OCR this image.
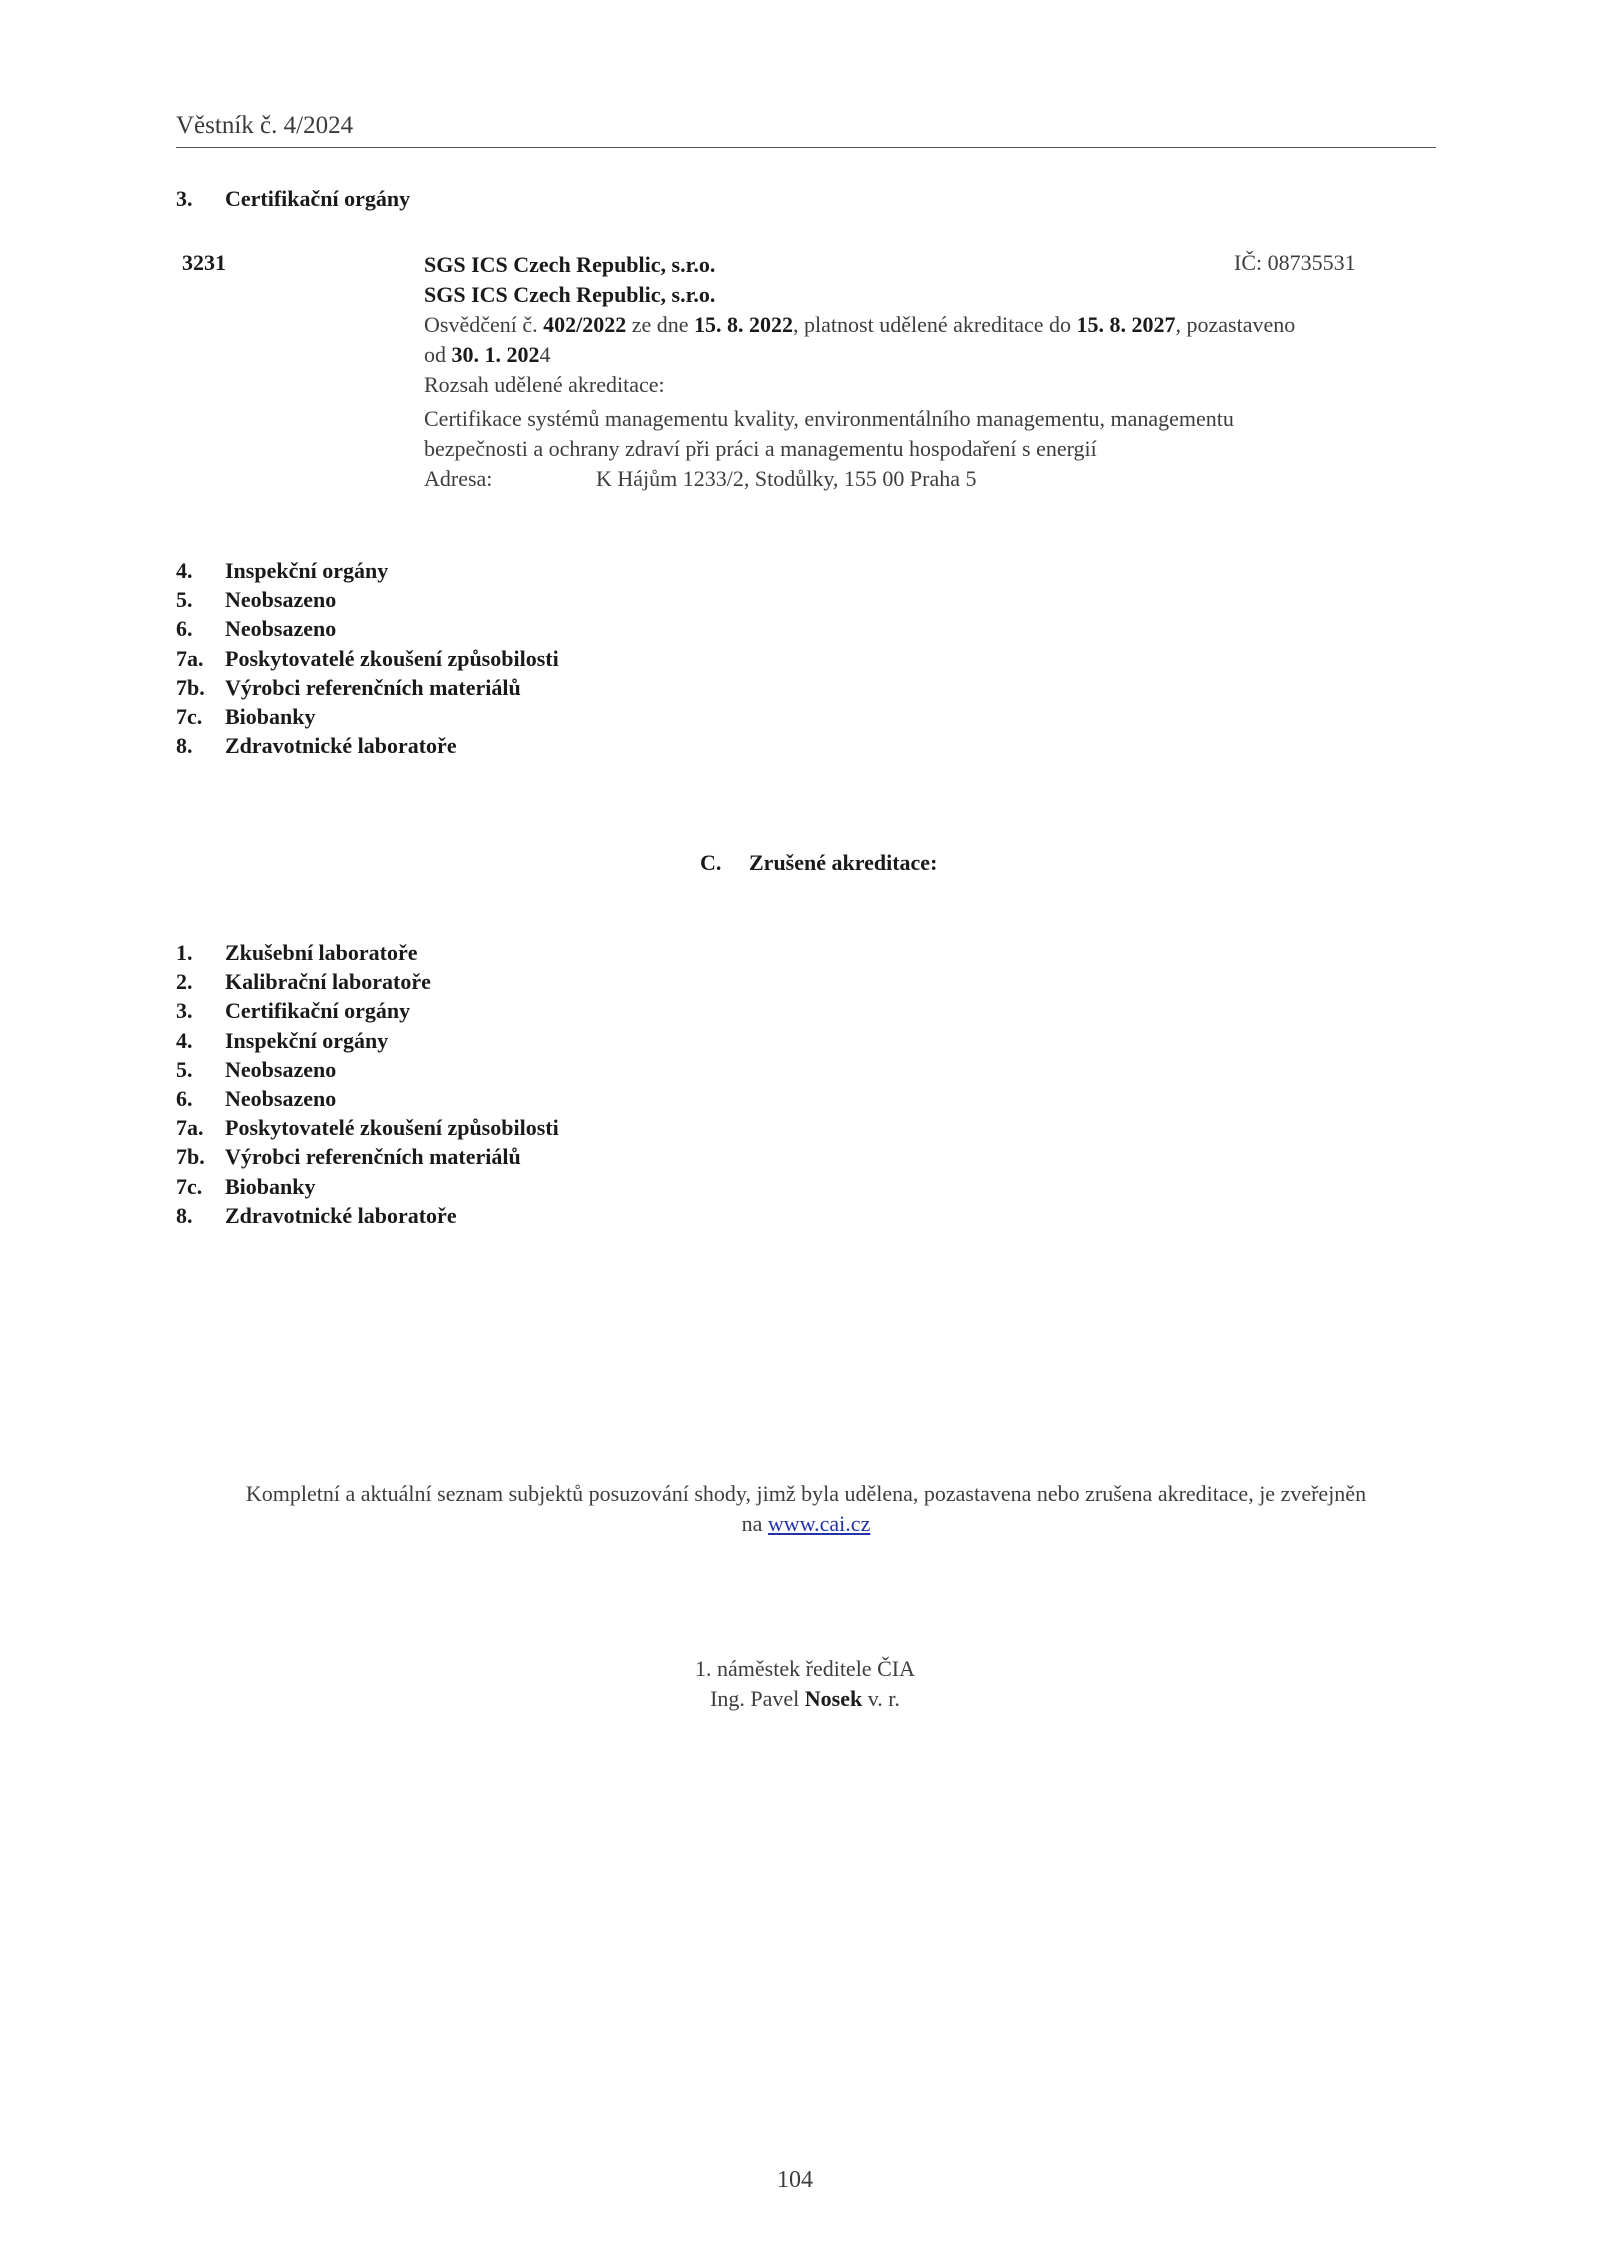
Věstník č. 4/2024
3. Certifikační orgány
3231	SGS ICS Czech Republic, s.r.o.	IČ: 08735531
SGS ICS Czech Republic, s.r.o.
Osvědčení č. 402/2022 ze dne 15. 8. 2022, platnost udělené akreditace do 15. 8. 2027, pozastaveno
od 30. 1. 2024
Rozsah udělené akreditace:
Certifikace systémů managementu kvality, environmentálního managementu, managementu
bezpečnosti a ochrany zdraví při práci a managementu hospodaření s energií
Adresa:	K Hájům 1233/2, Stodůlky, 155 00 Praha 5
4. Inspekční orgány
5. Neobsazeno
6. Neobsazeno
7a. Poskytovatelé zkoušení způsobilosti
7b. Výrobci referenčních materiálů
7c. Biobanky
8. Zdravotnické laboratoře
C. Zrušené akreditace:
1. Zkušební laboratoře
2. Kalibrační laboratoře
3. Certifikační orgány
4. Inspekční orgány
5. Neobsazeno
6. Neobsazeno
7a. Poskytovatelé zkoušení způsobilosti
7b. Výrobci referenčních materiálů
7c. Biobanky
8. Zdravotnické laboratoře
Kompletní a aktuální seznam subjektů posuzování shody, jimž byla udělena, pozastavena nebo zrušena akreditace, je zveřejněn
na www.cai.cz
1. náměstek ředitele ČIA
Ing. Pavel Nosek v. r.
104
